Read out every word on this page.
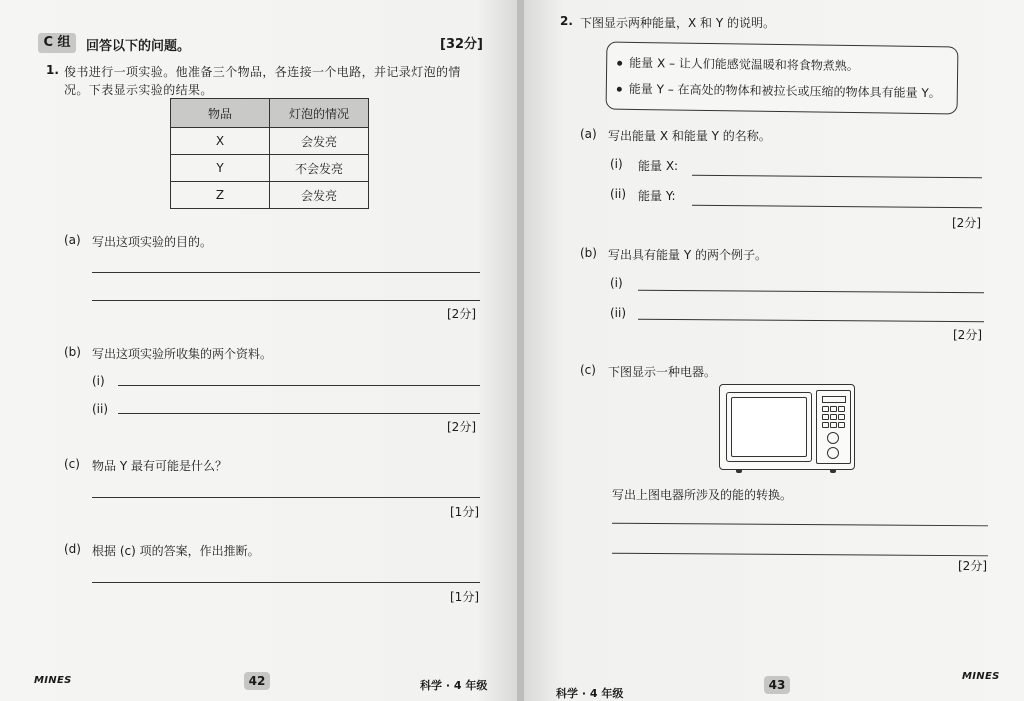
C 组	回答以下的问题。	[32分]
1. 俊书进行一项实验。他准备三个物品，各连接一个电路，并记录灯泡的情
况。下表显示实验的结果。
物品	灯泡的情况
X	会发亮
Y	不会发亮
Z	会发亮
(a) 写出这项实验的目的。
[2分]
(b) 写出这项实验所收集的两个资料。
(i)
(ii)
[2分]
(c) 物品 Y 最有可能是什么？
[1分]
(d) 根据 (c) 项的答案，作出推断。
[1分]
MINES	42	科学 · 4 年级
2. 下图显示两种能量，X 和 Y 的说明。
能量 X – 让人们能感觉温暖和将食物煮熟。
能量 Y – 在高处的物体和被拉长或压缩的物体具有能量 Y。
(a) 写出能量 X 和能量 Y 的名称。
(i) 能量 X:
(ii) 能量 Y:
[2分]
(b) 写出具有能量 Y 的两个例子。
(i)
(ii)
[2分]
(c) 下图显示一种电器。
写出上图电器所涉及的能的转换。
[2分]
科学 · 4 年级
43
MINES
